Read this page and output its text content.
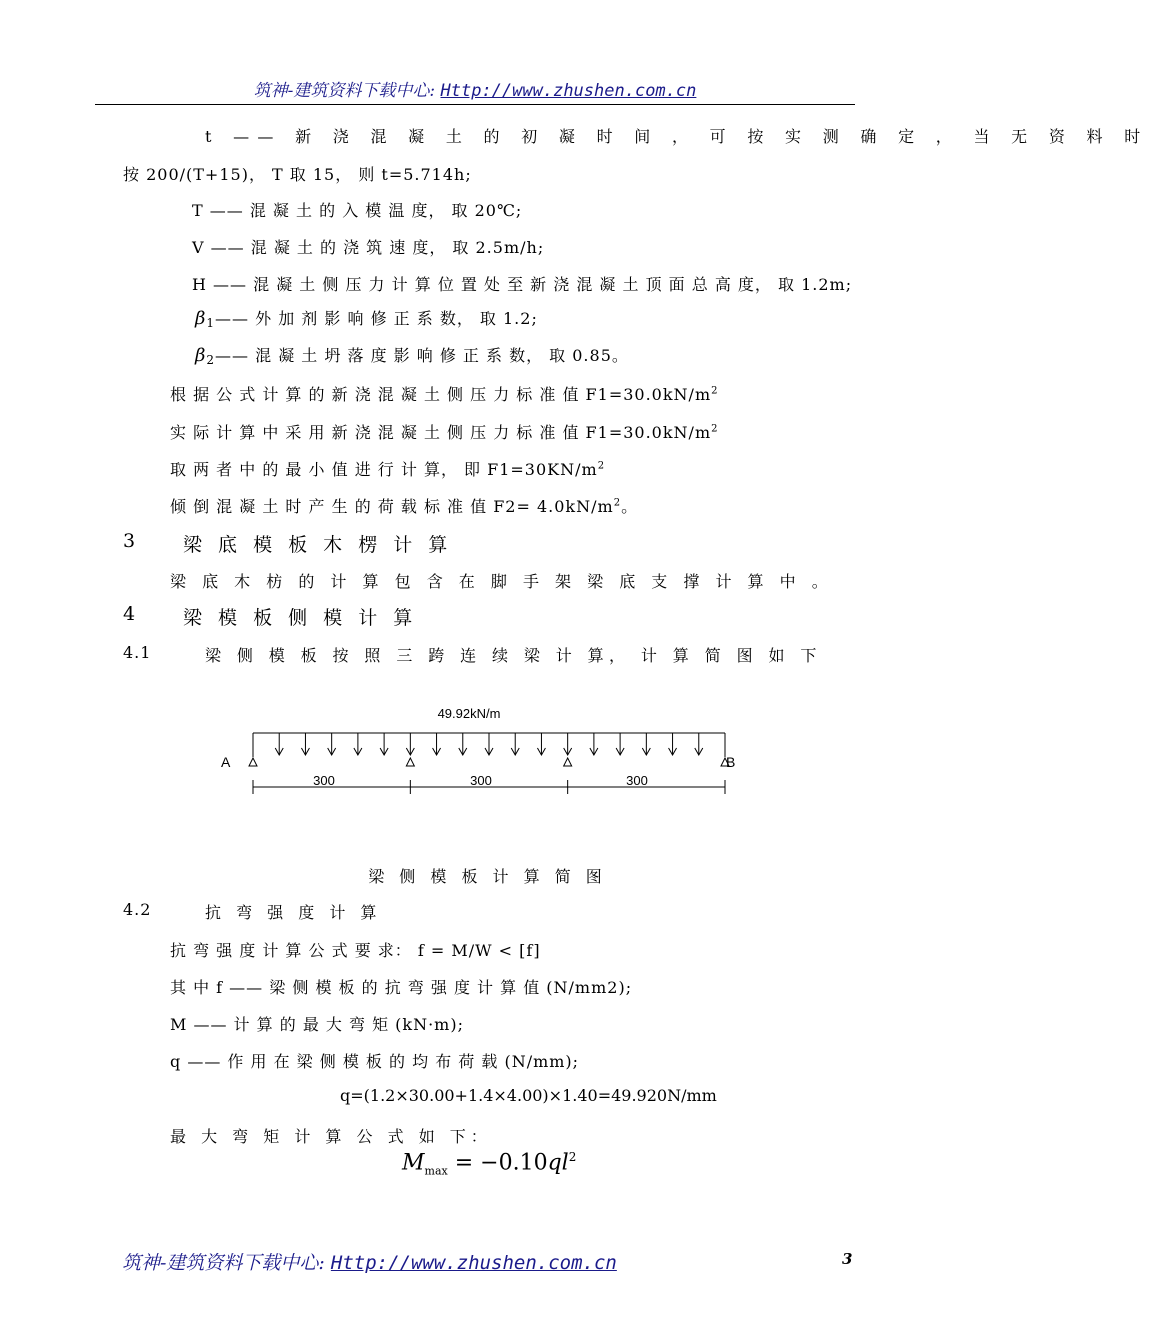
筑神-建筑资料下载中心: Http://www.zhushen.com.cn
t —— 新 浇 混 凝 土 的 初 凝 时 间 ， 可 按 实 测 确 定 ， 当 无 资 料 时
按 200/(T+15)， T 取 15， 则 t=5.714h;
T —— 混 凝 土 的 入 模 温 度， 取 20℃;
V —— 混 凝 土 的 浇 筑 速 度， 取 2.5m/h;
H —— 混 凝 土 侧 压 力 计 算 位 置 处 至 新 浇 混 凝 土 顶 面 总 高 度， 取 1.2m;
$\beta_1——$ 外 加 剂 影 响 修 正 系 数， 取 1.2;
$\beta_2——$ 混 凝 土 坍 落 度 影 响 修 正 系 数， 取 0.85。
根 据 公 式 计 算 的 新 浇 混 凝 土 侧 压 力 标 准 值 $F1=30.0kN/m^2$
实 际 计 算 中 采 用 新 浇 混 凝 土 侧 压 力 标 准 值 $F1=30.0kN/m^2$
取 两 者 中 的 最 小 值 进 行 计 算， 即 $F1=30KN/m^2$
倾 倒 混 凝 土 时 产 生 的 荷 载 标 准 值 $F2= 4.0kN/m^2$。
3 梁 底 模 板 木 楞 计 算
梁 底 木 枋 的 计 算 包 含 在 脚 手 架 梁 底 支 撑 计 算 中 。
4 梁 模 板 侧 模 计 算
4.1	梁 侧 模 板 按 照 三 跨 连 续 梁 计 算， 计 算 简 图 如 下
49.92kN/m
A	B
300	300	300
梁 侧 模 板 计 算 简 图
4.2	抗 弯 强 度 计 算
抗 弯 强 度 计 算 公 式 要 求： f = M/W < [f]
其 中 f —— 梁 侧 模 板 的 抗 弯 强 度 计 算 值 (N/mm2);
M —— 计 算 的 最 大 弯 矩 (kN·m);
q —— 作 用 在 梁 侧 模 板 的 均 布 荷 载 (N/mm);
q=(1.2×30.00+1.4×4.00)×1.40=49.920N/mm
最 大 弯 矩 计 算 公 式 如 下：
$M_{max} = -0.10ql^2$
筑神-建筑资料下载中心: Http://www.zhushen.com.cn	3
